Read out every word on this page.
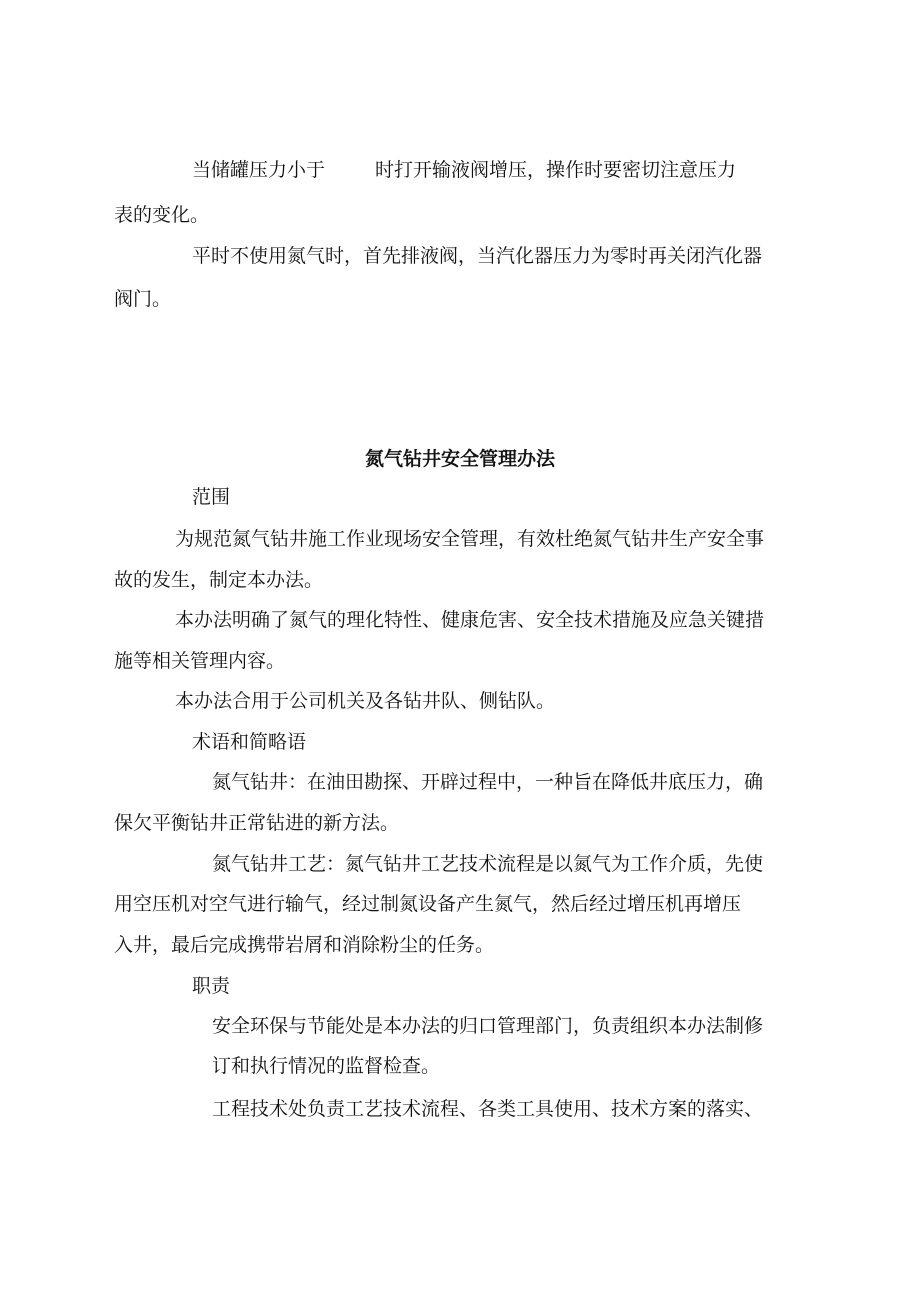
当储罐压力小于	时打开输液阀增压，操作时要密切注意压力

表的变化。

平时不使用氮气时，首先排液阀，当汽化器压力为零时再关闭汽化器

阀门。

氮气钻井安全管理办法

范围

为规范氮气钻井施工作业现场安全管理，有效杜绝氮气钻井生产安全事

故的发生，制定本办法。

本办法明确了氮气的理化特性、健康危害、安全技术措施及应急关键措

施等相关管理内容。

本办法合用于公司机关及各钻井队、侧钻队。

术语和简略语

氮气钻井：在油田勘探、开辟过程中，一种旨在降低井底压力，确

保欠平衡钻井正常钻进的新方法。

氮气钻井工艺：氮气钻井工艺技术流程是以氮气为工作介质，先使

用空压机对空气进行输气，经过制氮设备产生氮气，然后经过增压机再增压

入井，最后完成携带岩屑和消除粉尘的任务。

职责

安全环保与节能处是本办法的归口管理部门，负责组织本办法制修

订和执行情况的监督检查。

工程技术处负责工艺技术流程、各类工具使用、技术方案的落实、
